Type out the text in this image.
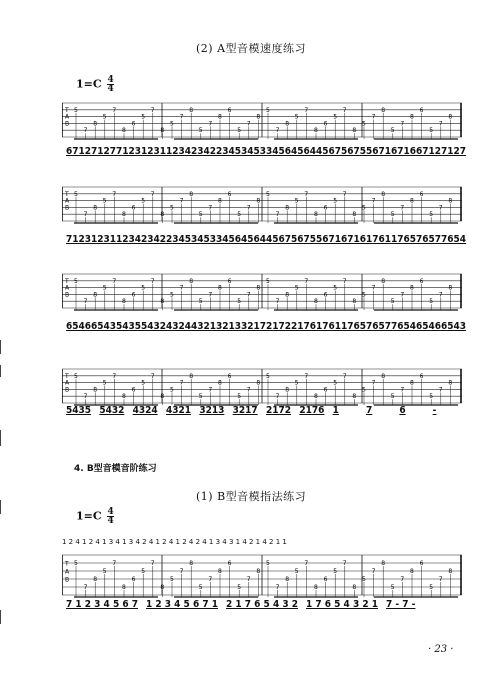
(2) A型音模速度练习
$1=C \frac{4}{4}$
T
A
B
5
7
8
5
7
8
6
5
7
8
5
7
8
5
7
8
6
5
7
8
5
7
8
5
7
8
6
5
7
8
5
7
8
5
7
8
6
5
7
8
6712 7127 7123 1231 1234 2342 2345 3453 3456 4564 4567 5675 5671 6716 6712 7127
T
A
B
5
7
8
5
7
8
6
5
7
8
5
7
8
5
7
8
6
5
7
8
5
7
8
5
7
8
6
5
7
8
5
7
8
5
7
8
6
5
7
8
7123 1231 1234 2342 2345 3453 3456 4564 4567 5675 5671 6716 1761 1765 7657 7654
T
A
B
5
7
8
5
7
8
6
5
7
8
5
7
8
5
7
8
6
5
7
8
5
7
8
5
7
8
6
5
7
8
5
7
8
5
7
8
6
5
7
8
6546 6543 5435 5432 4324 4321 3213 3217 2172 2176 1761 1765 7657 7654 6546 6543
T
A
B
5
7
8
5
7
8
6
5
7
8
5
7
8
5
7
8
6
5
7
8
5
7
8
5
7
8
6
5
7
8
5
7
8
5
7
8
6
5
7
8
5435 5432 4324 4321 3213 3217 2172 2176 1	7	6	-
4. B型音模音阶练习
(1) B型音模指法练习
$1=C \frac{4}{4}$
1 2 4 1 2 4 1 3 4 1 3 4 2 4 1 2 4 1 2 4 2 4 1 3 4 3 1 4 2 1 4 2 1 1
T
A
B
5
7
8
5
7
8
6
5
7
8
5
7
8
5
7
8
6
5
7
8
5
7
8
5
7
8
6
5
7
8
5
7
8
5
7
8
6
5
7
8
7 1 2 3 4 5 6 7 1 2 3 4 5 6 7 1 2 1 7 6 5 4 3 2 1 7 6 5 4 3 2 1 7 - 7 -
· 23 ·
